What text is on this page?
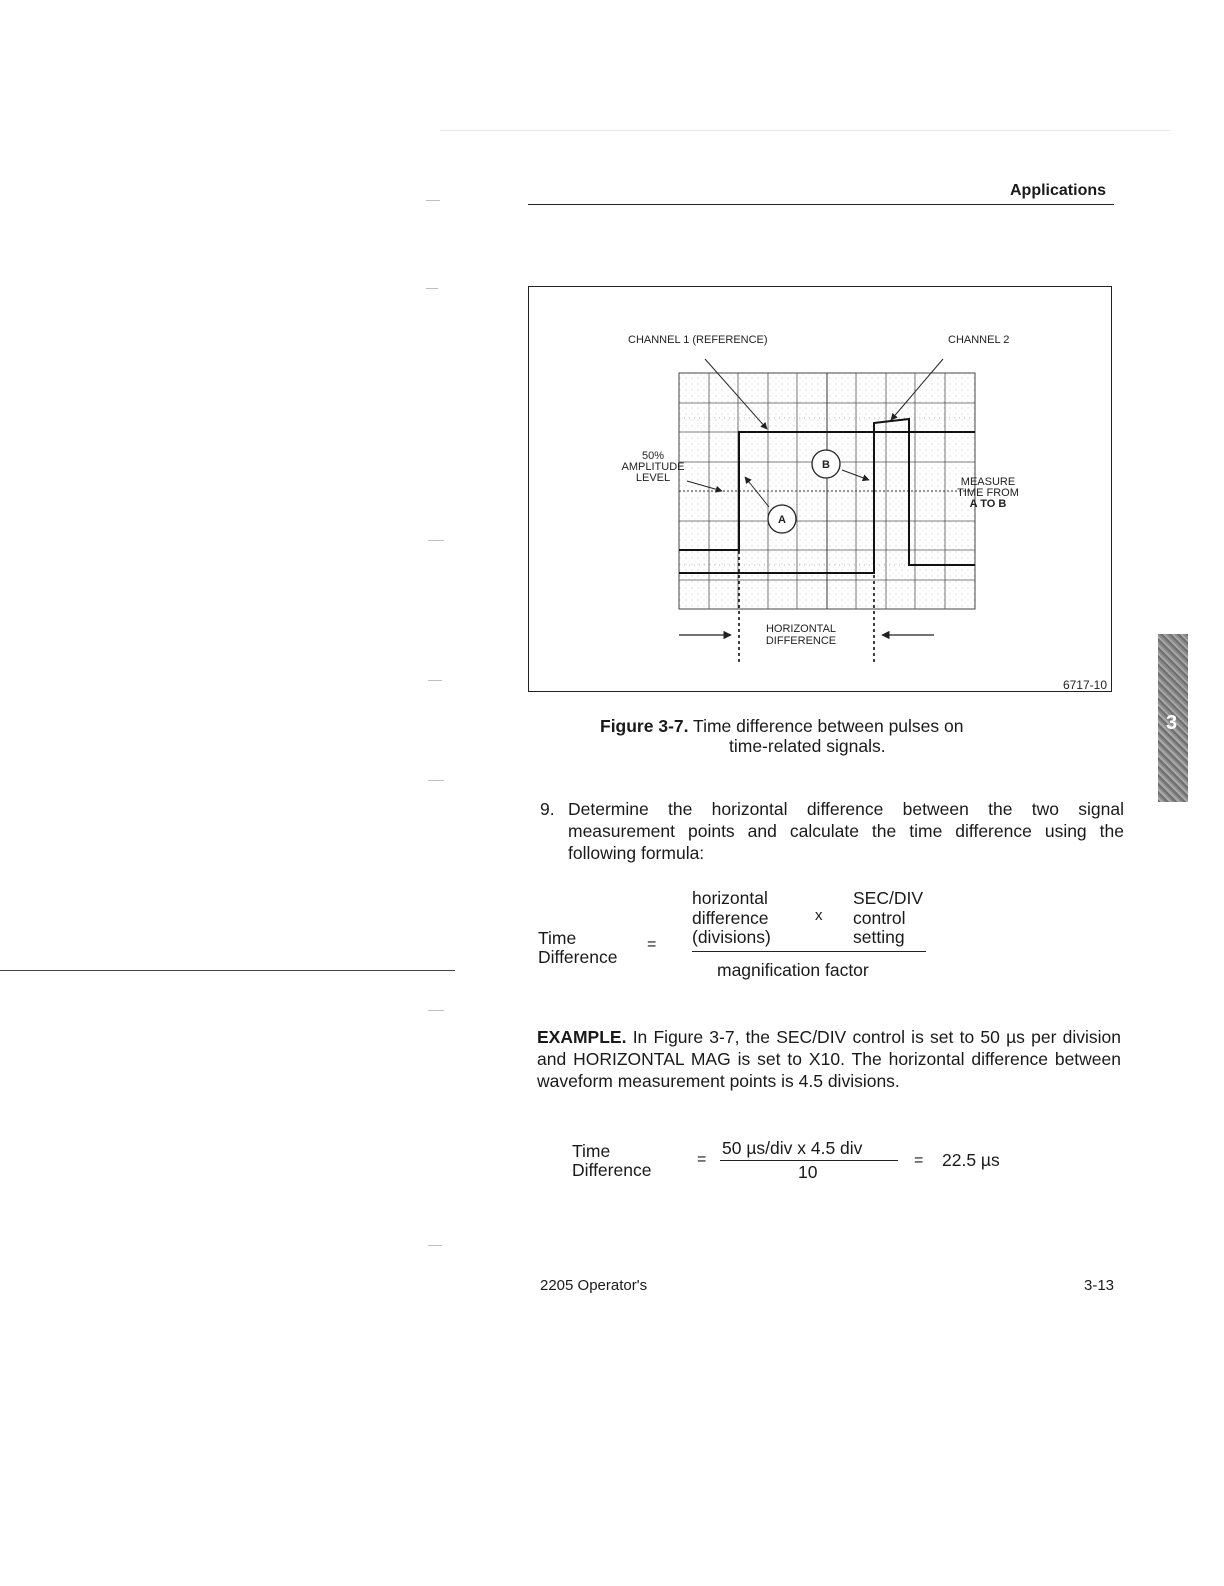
Applications
A
B
CHANNEL 1 (REFERENCE)	CHANNEL 2
50%
AMPLITUDE
LEVEL	MEASURE
TIME FROM
A TO B
HORIZONTAL
DIFFERENCE
6717-10
Figure 3-7. Time difference between pulses on
time-related signals.
9. Determine the horizontal difference between the two signal measurement points and calculate the time difference using the following formula:
Time
Difference
=
horizontal
difference
(divisions)
x
SEC/DIV
control
setting
magnification factor
EXAMPLE. In Figure 3-7, the SEC/DIV control is set to 50 µs per division and HORIZONTAL MAG is set to X10. The horizontal difference between waveform measurement points is 4.5 divisions.
Time
Difference
=
50 µs/div x 4.5 div
10
= 22.5 µs
2205 Operator's	3-13
3
